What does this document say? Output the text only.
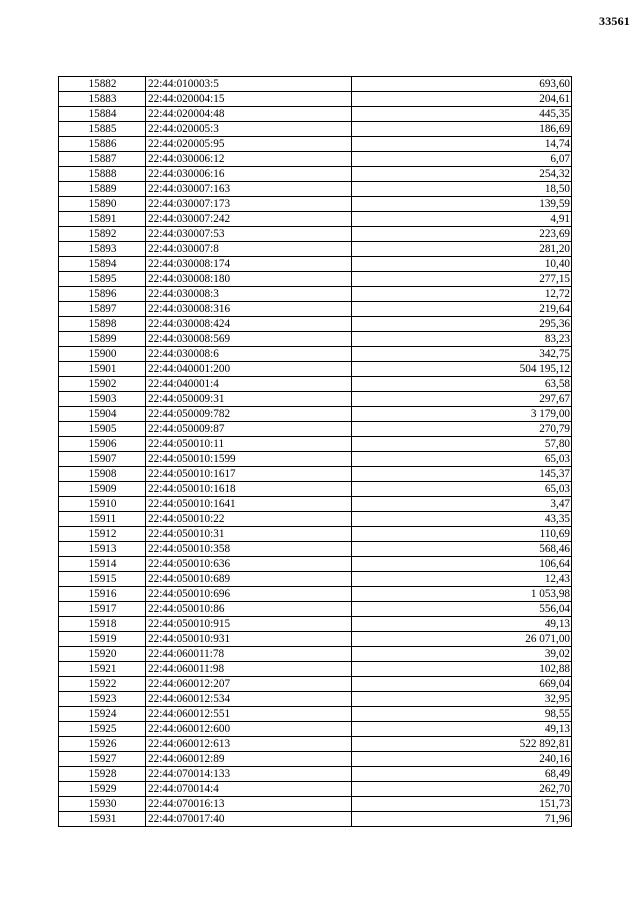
33561
15882	22:44:010003:5	693,60
15883	22:44:020004:15	204,61
15884	22:44:020004:48	445,35
15885	22:44:020005:3	186,69
15886	22:44:020005:95	14,74
15887	22:44:030006:12	6,07
15888	22:44:030006:16	254,32
15889	22:44:030007:163	18,50
15890	22:44:030007:173	139,59
15891	22:44:030007:242	4,91
15892	22:44:030007:53	223,69
15893	22:44:030007:8	281,20
15894	22:44:030008:174	10,40
15895	22:44:030008:180	277,15
15896	22:44:030008:3	12,72
15897	22:44:030008:316	219,64
15898	22:44:030008:424	295,36
15899	22:44:030008:569	83,23
15900	22:44:030008:6	342,75
15901	22:44:040001:200	504 195,12
15902	22:44:040001:4	63,58
15903	22:44:050009:31	297,67
15904	22:44:050009:782	3 179,00
15905	22:44:050009:87	270,79
15906	22:44:050010:11	57,80
15907	22:44:050010:1599	65,03
15908	22:44:050010:1617	145,37
15909	22:44:050010:1618	65,03
15910	22:44:050010:1641	3,47
15911	22:44:050010:22	43,35
15912	22:44:050010:31	110,69
15913	22:44:050010:358	568,46
15914	22:44:050010:636	106,64
15915	22:44:050010:689	12,43
15916	22:44:050010:696	1 053,98
15917	22:44:050010:86	556,04
15918	22:44:050010:915	49,13
15919	22:44:050010:931	26 071,00
15920	22:44:060011:78	39,02
15921	22:44:060011:98	102,88
15922	22:44:060012:207	669,04
15923	22:44:060012:534	32,95
15924	22:44:060012:551	98,55
15925	22:44:060012:600	49,13
15926	22:44:060012:613	522 892,81
15927	22:44:060012:89	240,16
15928	22:44:070014:133	68,49
15929	22:44:070014:4	262,70
15930	22:44:070016:13	151,73
15931	22:44:070017:40	71,96
